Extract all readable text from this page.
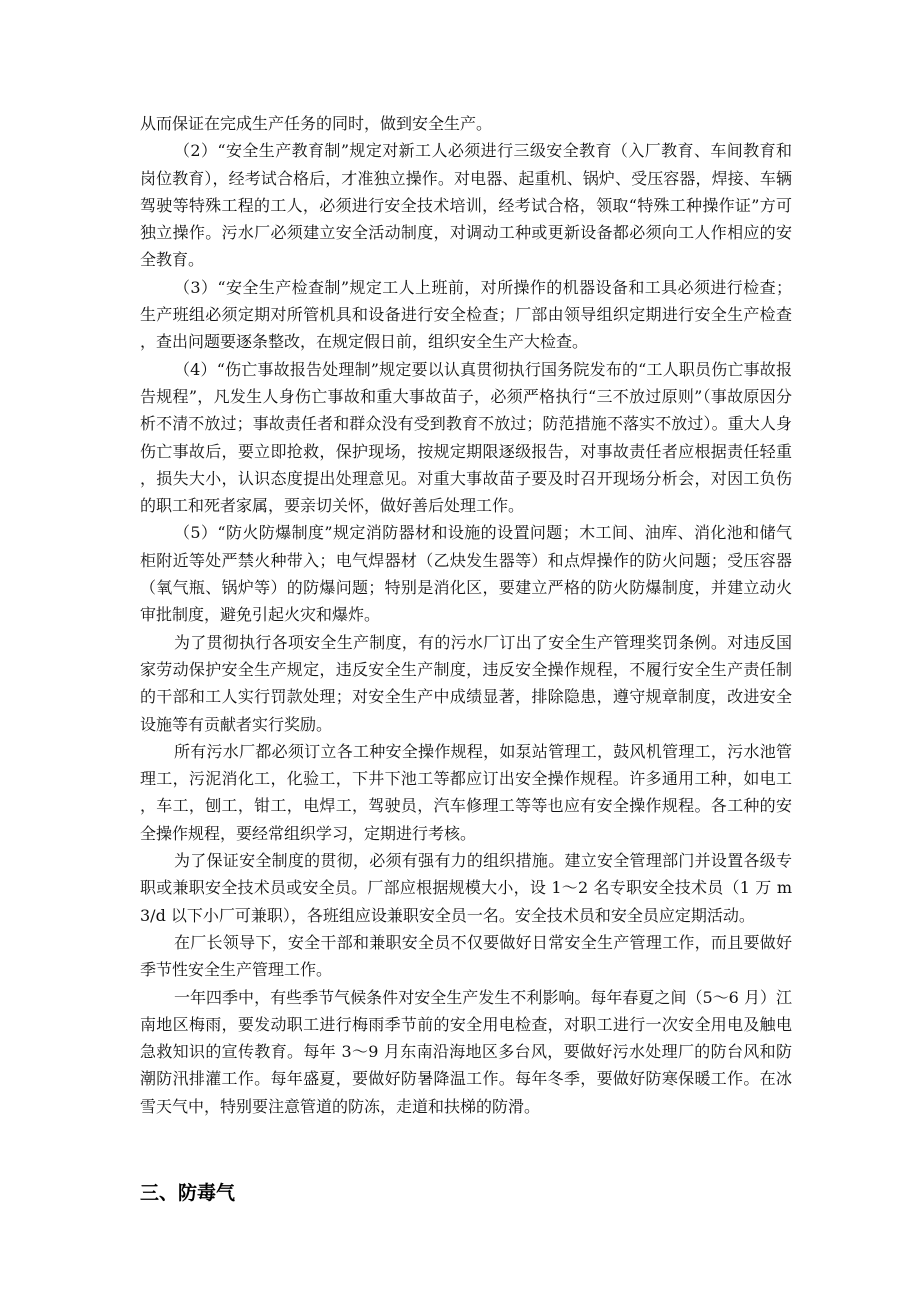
从而保证在完成生产任务的同时，做到安全生产。

（2）“安全生产教育制”规定对新工人必须进行三级安全教育（入厂教育、车间教育和岗位教育），经考试合格后，才准独立操作。对电器、起重机、锅炉、受压容器，焊接、车辆驾驶等特殊工程的工人，必须进行安全技术培训，经考试合格，领取“特殊工种操作证”方可独立操作。污水厂必须建立安全活动制度，对调动工种或更新设备都必须向工人作相应的安全教育。

（3）“安全生产检查制”规定工人上班前，对所操作的机器设备和工具必须进行检查；生产班组必须定期对所管机具和设备进行安全检查；厂部由领导组织定期进行安全生产检查，查出问题要逐条整改，在规定假日前，组织安全生产大检查。

（4）“伤亡事故报告处理制”规定要以认真贯彻执行国务院发布的“工人职员伤亡事故报告规程”，凡发生人身伤亡事故和重大事故苗子，必须严格执行“三不放过原则”（事故原因分析不清不放过；事故责任者和群众没有受到教育不放过；防范措施不落实不放过）。重大人身伤亡事故后，要立即抢救，保护现场，按规定期限逐级报告，对事故责任者应根据责任轻重，损失大小，认识态度提出处理意见。对重大事故苗子要及时召开现场分析会，对因工负伤的职工和死者家属，要亲切关怀，做好善后处理工作。

（5）“防火防爆制度”规定消防器材和设施的设置问题；木工间、油库、消化池和储气柜附近等处严禁火种带入；电气焊器材（乙炔发生器等）和点焊操作的防火问题；受压容器（氧气瓶、锅炉等）的防爆问题；特别是消化区，要建立严格的防火防爆制度，并建立动火审批制度，避免引起火灾和爆炸。

为了贯彻执行各项安全生产制度，有的污水厂订出了安全生产管理奖罚条例。对违反国家劳动保护安全生产规定，违反安全生产制度，违反安全操作规程，不履行安全生产责任制的干部和工人实行罚款处理；对安全生产中成绩显著，排除隐患，遵守规章制度，改进安全设施等有贡献者实行奖励。

所有污水厂都必须订立各工种安全操作规程，如泵站管理工，鼓风机管理工，污水池管理工，污泥消化工，化验工，下井下池工等都应订出安全操作规程。许多通用工种，如电工，车工，刨工，钳工，电焊工，驾驶员，汽车修理工等等也应有安全操作规程。各工种的安全操作规程，要经常组织学习，定期进行考核。

为了保证安全制度的贯彻，必须有强有力的组织措施。建立安全管理部门并设置各级专职或兼职安全技术员或安全员。厂部应根据规模大小，设 1～2 名专职安全技术员（1 万 m3/d 以下小厂可兼职），各班组应设兼职安全员一名。安全技术员和安全员应定期活动。

在厂长领导下，安全干部和兼职安全员不仅要做好日常安全生产管理工作，而且要做好季节性安全生产管理工作。

一年四季中，有些季节气候条件对安全生产发生不利影响。每年春夏之间（5～6 月）江南地区梅雨，要发动职工进行梅雨季节前的安全用电检查，对职工进行一次安全用电及触电急救知识的宣传教育。每年 3～9 月东南沿海地区多台风，要做好污水处理厂的防台风和防潮防汛排灌工作。每年盛夏，要做好防暑降温工作。每年冬季，要做好防寒保暖工作。在冰雪天气中，特别要注意管道的防冻，走道和扶梯的防滑。

三、防毒气
